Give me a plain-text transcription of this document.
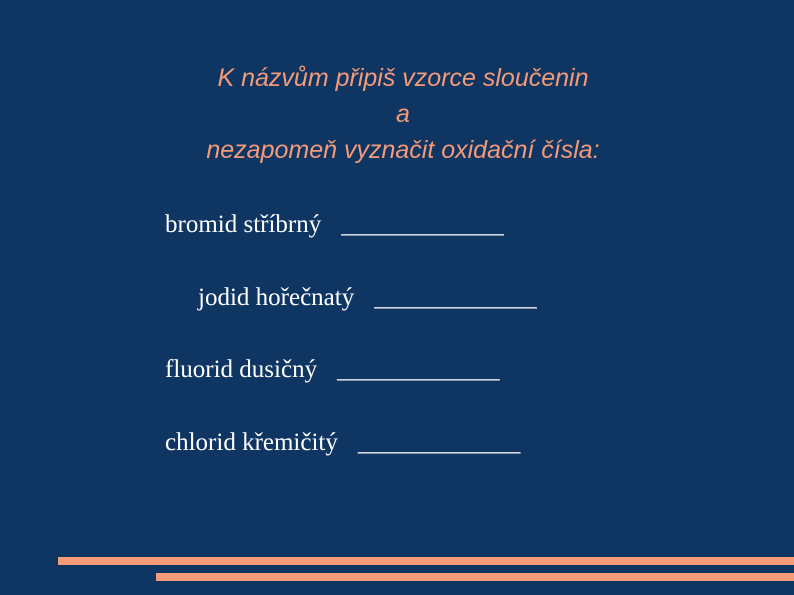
K názvům připiš vzorce sloučenin
a
nezapomeň vyznačit oxidační čísla:
bromid stříbrný _____________
jodid hořečnatý _____________
fluorid dusičný _____________
chlorid křemičitý _____________
